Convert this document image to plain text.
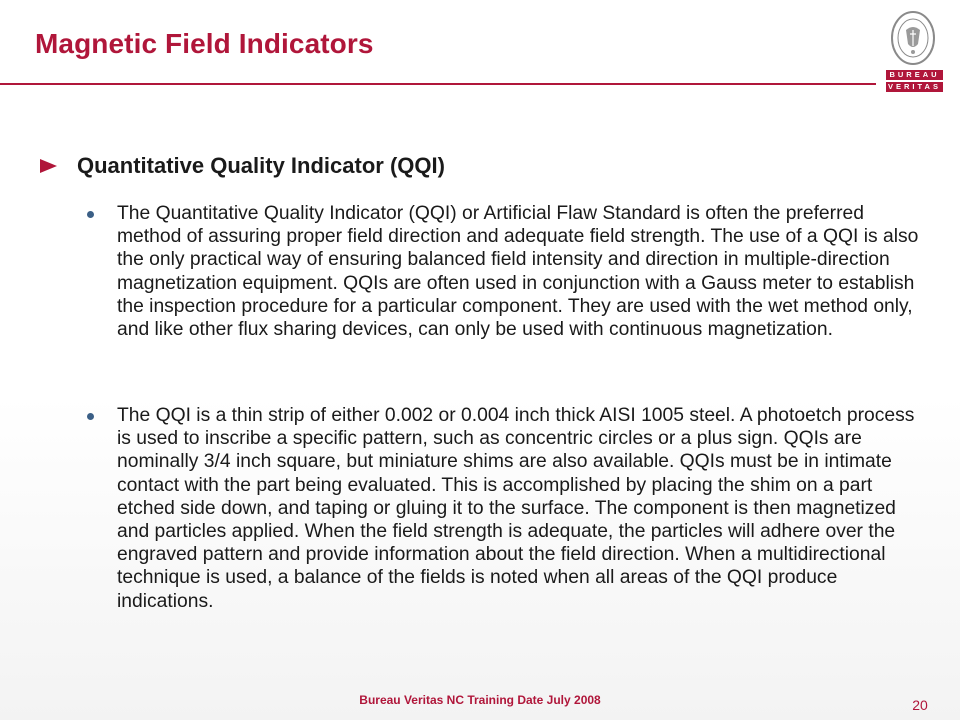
Magnetic Field Indicators
BUREAU
VERITAS
Quantitative Quality Indicator (QQI)
The Quantitative Quality Indicator (QQI) or Artificial Flaw Standard is often the preferred method of assuring proper field direction and adequate field strength. The use of a QQI is also the only practical way of ensuring balanced field intensity and direction in multiple-direction magnetization equipment. QQIs are often used in conjunction with a Gauss meter to establish the inspection procedure for a particular component. They are used with the wet method only, and like other flux sharing devices, can only be used with continuous magnetization.
The QQI is a thin strip of either 0.002 or 0.004 inch thick AISI 1005 steel. A photoetch process is used to inscribe a specific pattern, such as concentric circles or a plus sign. QQIs are nominally 3/4 inch square, but miniature shims are also available. QQIs must be in intimate contact with the part being evaluated. This is accomplished by placing the shim on a part etched side down, and taping or gluing it to the surface. The component is then magnetized and particles applied. When the field strength is adequate, the particles will adhere over the engraved pattern and provide information about the field direction. When a multidirectional technique is used, a balance of the fields is noted when all areas of the QQI produce indications.
Bureau Veritas NC Training Date July 2008	20
